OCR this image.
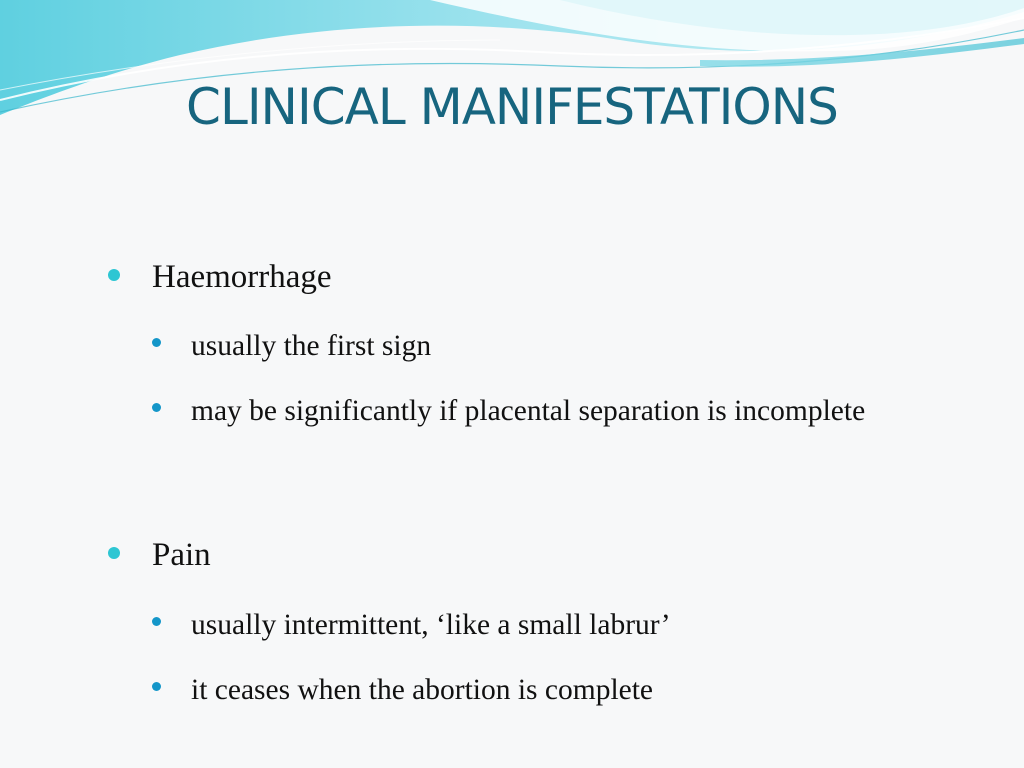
CLINICAL MANIFESTATIONS
Haemorrhage
usually the first sign
may be significantly if placental separation is incomplete
Pain
usually intermittent, ‘like a small labrur’
it ceases when the abortion is complete
